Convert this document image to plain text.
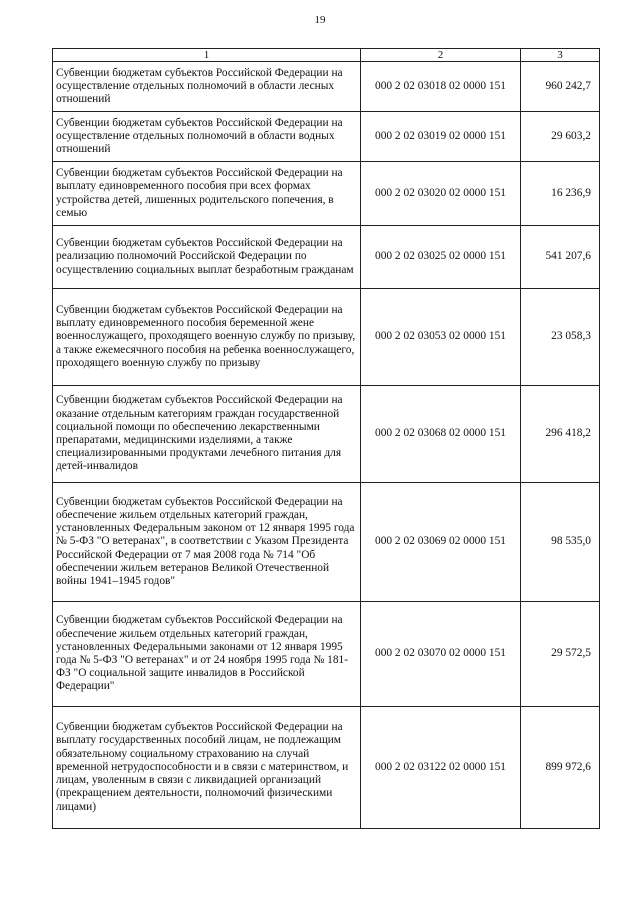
19
1	2	3
Субвенции бюджетам субъектов Российской Федерации на осуществление отдельных полномочий в области лесных отношений	000 2 02 03018 02 0000 151	960 242,7
Субвенции бюджетам субъектов Российской Федерации на осуществление отдельных полномочий в области водных отношений	000 2 02 03019 02 0000 151	29 603,2
Субвенции бюджетам субъектов Российской Федерации на выплату единовременного пособия при всех формах устройства детей, лишенных родительского попечения, в семью	000 2 02 03020 02 0000 151	16 236,9
Субвенции бюджетам субъектов Российской Федерации на реализацию полномочий Российской Федерации по осуществлению социальных выплат безработным гражданам	000 2 02 03025 02 0000 151	541 207,6
Субвенции бюджетам субъектов Российской Федерации на выплату единовременного пособия беременной жене военнослужащего, проходящего военную службу по призыву, а также ежемесячного пособия на ребенка военнослужащего, проходящего военную службу по призыву	000 2 02 03053 02 0000 151	23 058,3
Субвенции бюджетам субъектов Российской Федерации на оказание отдельным категориям граждан государственной социальной помощи по обеспечению лекарственными препаратами, медицинскими изделиями, а также специализированными продуктами лечебного питания для детей-инвалидов	000 2 02 03068 02 0000 151	296 418,2
Субвенции бюджетам субъектов Российской Федерации на обеспечение жильем отдельных категорий граждан, установленных Федеральным законом от 12 января 1995 года № 5-ФЗ "О ветеранах", в соответствии с Указом Президента Российской Федерации от 7 мая 2008 года № 714 "Об обеспечении жильем ветеранов Великой Отечественной войны 1941–1945 годов"	000 2 02 03069 02 0000 151	98 535,0
Субвенции бюджетам субъектов Российской Федерации на обеспечение жильем отдельных категорий граждан, установленных Федеральными законами от 12 января 1995 года № 5-ФЗ "О ветеранах" и от 24 ноября 1995 года № 181-ФЗ "О социальной защите инвалидов в Российской Федерации"	000 2 02 03070 02 0000 151	29 572,5
Субвенции бюджетам субъектов Российской Федерации на выплату государственных пособий лицам, не подлежащим обязательному социальному страхованию на случай временной нетрудоспособности и в связи с материнством, и лицам, уволенным в связи с ликвидацией организаций (прекращением деятельности, полномочий физическими лицами)	000 2 02 03122 02 0000 151	899 972,6
